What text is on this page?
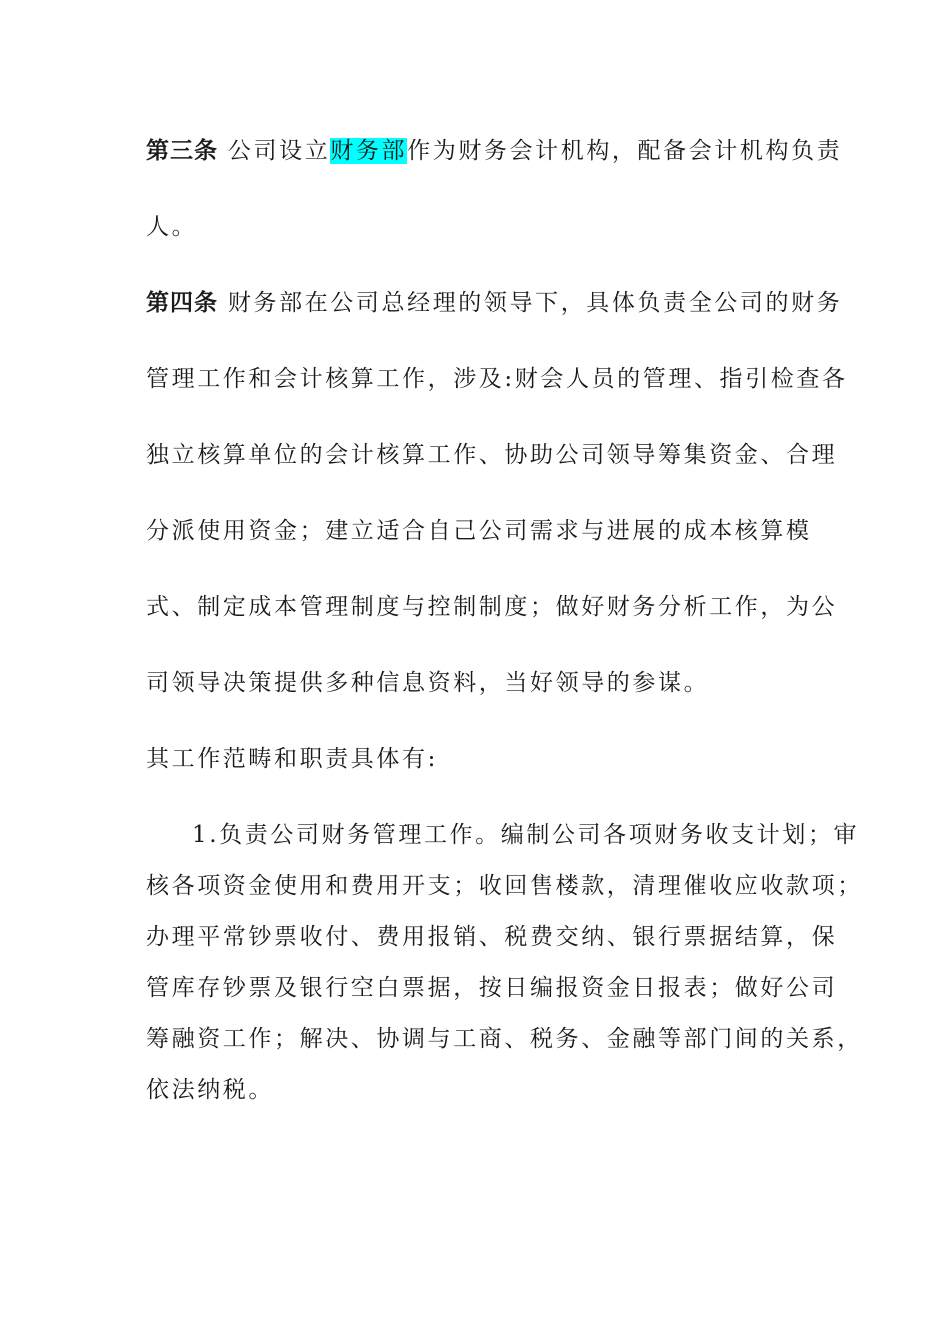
第三条 公司设立财务部作为财务会计机构，配备会计机构负责
人。
第四条 财务部在公司总经理的领导下，具体负责全公司的财务
管理工作和会计核算工作，涉及:财会人员的管理、指引检查各
独立核算单位的会计核算工作、协助公司领导筹集资金、合理
分派使用资金；建立适合自己公司需求与进展的成本核算模
式、制定成本管理制度与控制制度；做好财务分析工作，为公
司领导决策提供多种信息资料，当好领导的参谋。
其工作范畴和职责具体有:
1.负责公司财务管理工作。编制公司各项财务收支计划；审
核各项资金使用和费用开支；收回售楼款，清理催收应收款项；
办理平常钞票收付、费用报销、税费交纳、银行票据结算，保
管库存钞票及银行空白票据，按日编报资金日报表；做好公司
筹融资工作；解决、协调与工商、税务、金融等部门间的关系，
依法纳税。
